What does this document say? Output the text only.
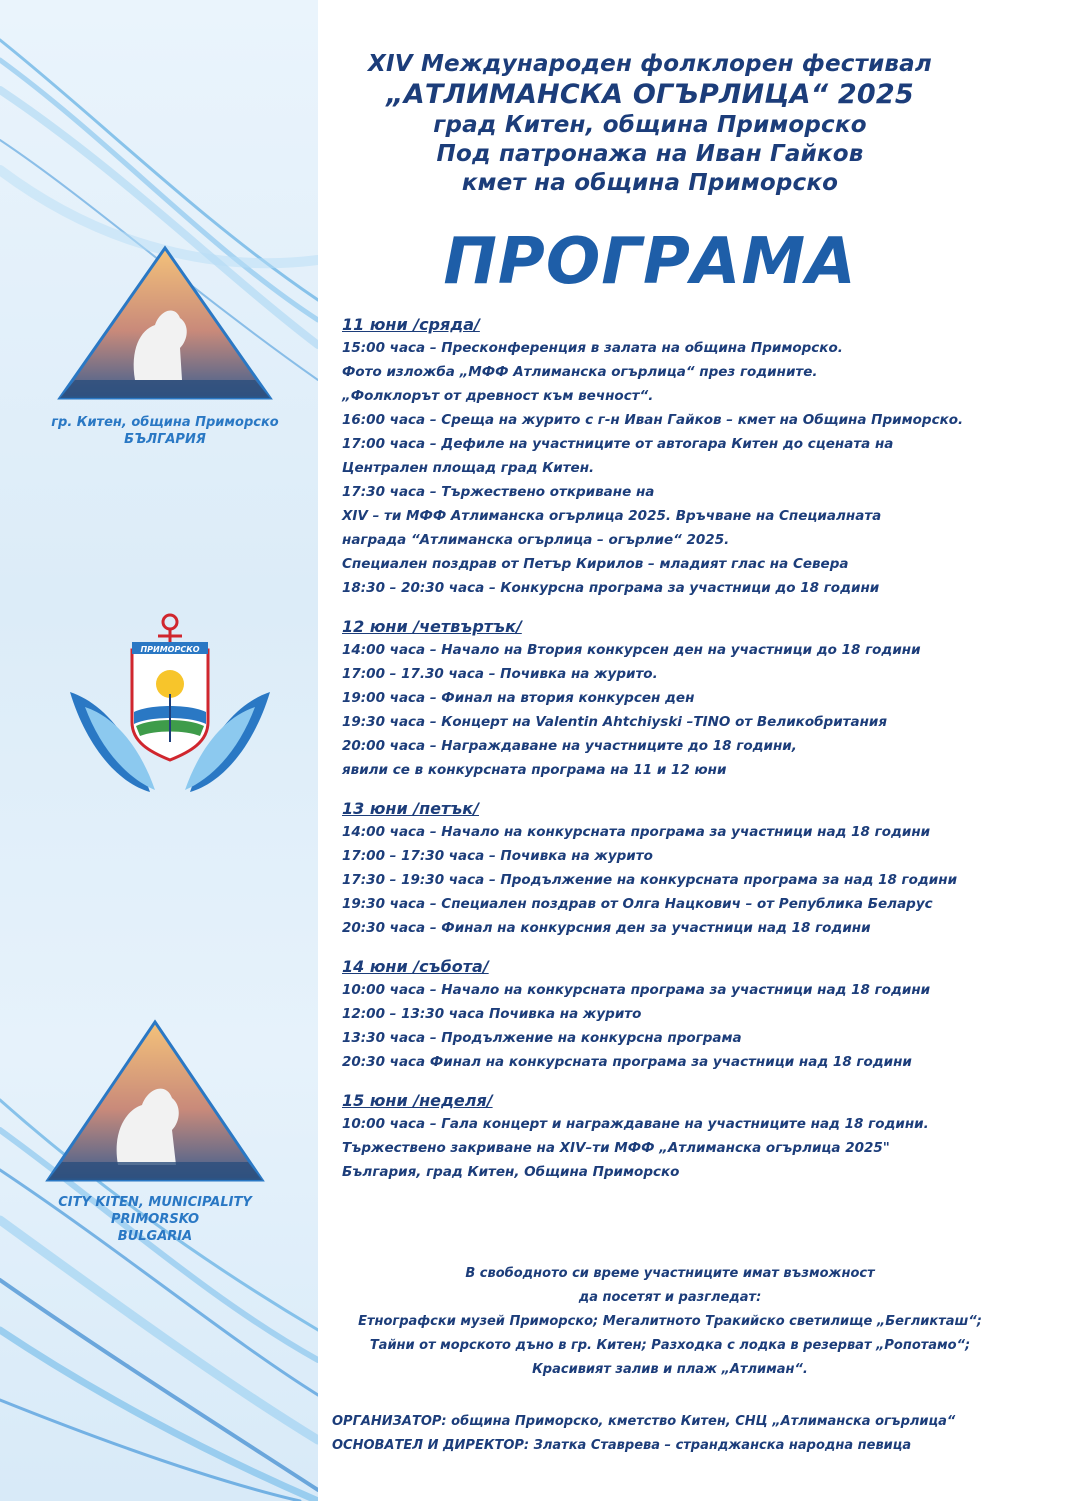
гр. Китен, община Приморско
БЪЛГАРИЯ
ПРИМОРСКО
CITY KITEN, MUNICIPALITY PRIMORSKO
BULGARIA
XIV Международен фолклорен фестивал
„АТЛИМАНСКА ОГЪРЛИЦА“ 2025
град Китен, община Приморско
Под патронажа на Иван Гайков
кмет на община Приморско
ПРОГРАМА
11 юни /сряда/
15:00 часа – Пресконференция в залата на община Приморско.
Фото изложба „МФФ Атлиманска огърлица“ през годините.
„Фолклорът от древност към вечност“.
16:00 часа – Среща на журито с г-н Иван Гайков – кмет на Община Приморско.
17:00 часа – Дефиле на участниците от автогара Китен до сцената на
Централен площад град Китен.
17:30 часа – Тържествено откриване на
XIV – ти МФФ Атлиманска огърлица 2025. Връчване на Специалната
награда “Атлиманска огърлица – огърлие“ 2025.
Специален поздрав от Петър Кирилов – младият глас на Севера
18:30 – 20:30 часа – Конкурсна програма за участници до 18 години
12 юни /четвъртък/
14:00 часа – Начало на Втория конкурсен ден на участници до 18 години
17:00 – 17.30 часа – Почивка на журито.
19:00 часа – Финал на втория конкурсен ден
19:30 часа – Концерт на Valentin Ahtchiyski –TINO от Великобритания
20:00 часа – Награждаване на участниците до 18 години,
явили се в конкурсната програма на 11 и 12 юни
13 юни /петък/
14:00 часа – Начало на конкурсната програма за участници над 18 години
17:00 – 17:30 часа – Почивка на журито
17:30 – 19:30 часа – Продължение на конкурсната програма за над 18 години
19:30 часа – Специален поздрав от Олга Нацкович – от Република Беларус
20:30 часа – Финал на конкурсния ден за участници над 18 години
14 юни /събота/
10:00 часа – Начало на конкурсната програма за участници над 18 години
12:00 – 13:30 часа Почивка на журито
13:30 часа – Продължение на конкурсна програма
20:30 часа Финал на конкурсната програма за участници над 18 години
15 юни /неделя/
10:00 часа – Гала концерт и награждаване на участниците над 18 години.
Тържествено закриване на XIV–ти МФФ „Атлиманска огърлица 2025"
България, град Китен, Община Приморско
В свободното си време участниците имат възможност
да посетят и разгледат:
Етнографски музей Приморско; Мегалитното Тракийско светилище „Бегликташ“;
Тайни от морското дъно в гр. Китен; Разходка с лодка в резерват „Ропотамо“;
Красивият залив и плаж „Атлиман“.
ОРГАНИЗАТОР: община Приморско, кметство Китен, СНЦ „Атлиманска огърлица“
ОСНОВАТЕЛ И ДИРЕКТОР: Златка Ставрева – странджанска народна певица
